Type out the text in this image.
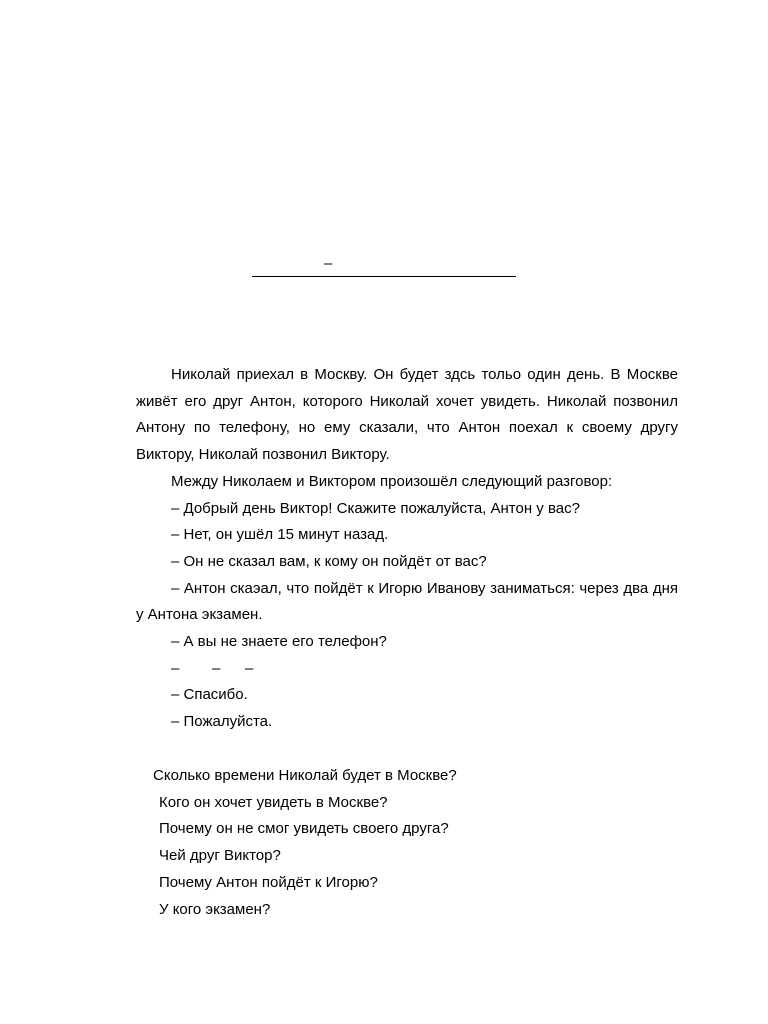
–

Николай приехал в Москву. Он будет здсь тольо один день. В Москве живёт его друг Антон, которого Николай хочет увидеть. Николай позвонил Антону по телефону, но ему сказали, что Антон поехал к своему другу Виктору, Николай позвонил Виктору.

Между Николаем и Виктором произошёл следующий разговор:

– Добрый день Виктор! Скажите пожалуйста, Антон у вас?

– Нет, он ушёл 15 минут назад.

– Он не сказал вам, к кому он пойдёт от вас?

– Антон скаэал, что пойдёт к Игорю Иванову заниматься: через два дня у Антона экзамен.

– А вы не знаете его телефон?

– – –

– Спасибо.

– Пожалуйста.

Сколько времени Николай будет в Москве?

Кого он хочет увидеть в Москве?

Почему он не смог увидеть своего друга?

Чей друг Виктор?

Почему Антон пойдёт к Игорю?

У кого экзамен?
